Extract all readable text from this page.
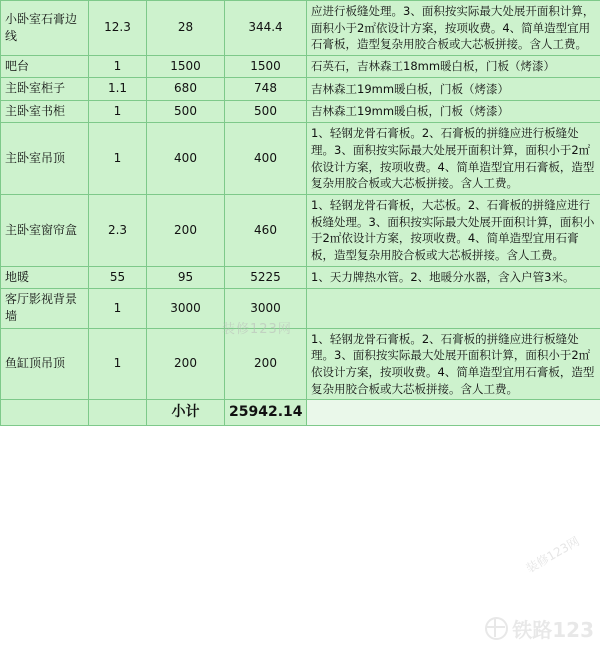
小卧室石膏边线	12.3	28	344.4	应进行板缝处理。3、面积按实际最大处展开面积计算，面积小于2㎡依设计方案，按项收费。4、简单造型宜用石膏板，造型复杂用胶合板或大芯板拼接。含人工费。
吧台	1	1500	1500	石英石，吉林森工18mm暖白板，门板（烤漆）
主卧室柜子	1.1	680	748	吉林森工19mm暖白板，门板（烤漆）
主卧室书柜	1	500	500	吉林森工19mm暖白板，门板（烤漆）
主卧室吊顶	1	400	400	1、轻钢龙骨石膏板。2、石膏板的拼缝应进行板缝处理。3、面积按实际最大处展开面积计算，面积小于2㎡依设计方案，按项收费。4、简单造型宜用石膏板，造型复杂用胶合板或大芯板拼接。含人工费。
主卧室窗帘盒	2.3	200	460	1、轻钢龙骨石膏板，大芯板。2、石膏板的拼缝应进行板缝处理。3、面积按实际最大处展开面积计算，面积小于2㎡依设计方案，按项收费。4、简单造型宜用石膏板，造型复杂用胶合板或大芯板拼接。含人工费。
地暖	55	95	5225	1、天力牌热水管。2、地暖分水器，含入户管3米。
客厅影视背景墙	1	3000	3000	
鱼缸顶吊顶	1	200	200	1、轻钢龙骨石膏板。2、石膏板的拼缝应进行板缝处理。3、面积按实际最大处展开面积计算，面积小于2㎡依设计方案，按项收费。4、简单造型宜用石膏板，造型复杂用胶合板或大芯板拼接。含人工费。
		小计	25942.14	
装修123网
装修123网
铁路123
